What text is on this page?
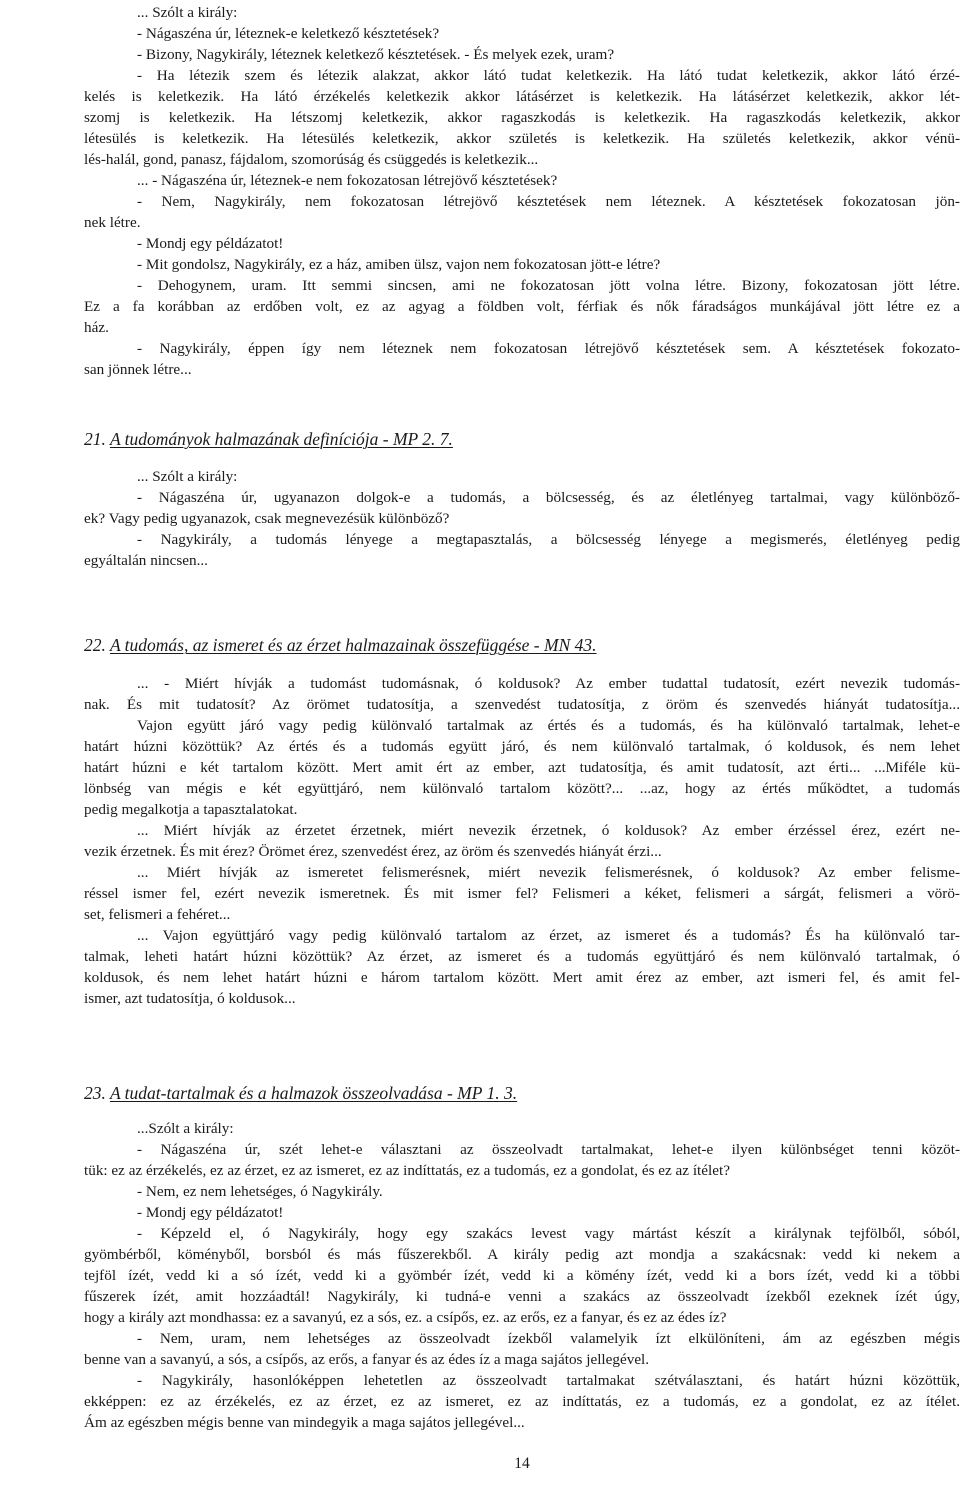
... Szólt a király:
- Nágaszéna úr, léteznek-e keletkező késztetések?
- Bizony, Nagykirály, léteznek keletkező késztetések. - És melyek ezek, uram?
- Ha létezik szem és létezik alakzat, akkor látó tudat keletkezik. Ha látó tudat keletkezik, akkor látó érzé-
kelés is keletkezik. Ha látó érzékelés keletkezik akkor látásérzet is keletkezik. Ha látásérzet keletkezik, akkor lét-
szomj is keletkezik. Ha létszomj keletkezik, akkor ragaszkodás is keletkezik. Ha ragaszkodás keletkezik, akkor
létesülés is keletkezik. Ha létesülés keletkezik, akkor születés is keletkezik. Ha születés keletkezik, akkor vénü-
lés-halál, gond, panasz, fájdalom, szomorúság és csüggedés is keletkezik...
... - Nágaszéna úr, léteznek-e nem fokozatosan létrejövő késztetések?
- Nem, Nagykirály, nem fokozatosan létrejövő késztetések nem léteznek. A késztetések fokozatosan jön-
nek létre.
- Mondj egy példázatot!
- Mit gondolsz, Nagykirály, ez a ház, amiben ülsz, vajon nem fokozatosan jött-e létre?
- Dehogynem, uram. Itt semmi sincsen, ami ne fokozatosan jött volna létre. Bizony, fokozatosan jött létre.
Ez a fa korábban az erdőben volt, ez az agyag a földben volt, férfiak és nők fáradságos munkájával jött létre ez a
ház.
- Nagykirály, éppen így nem léteznek nem fokozatosan létrejövő késztetések sem. A késztetések fokozato-
san jönnek létre...
21. A tudományok halmazának definíciója - MP 2. 7.
... Szólt a király:
- Nágaszéna úr, ugyanazon dolgok-e a tudomás, a bölcsesség, és az életlényeg tartalmai, vagy különböző-
ek? Vagy pedig ugyanazok, csak megnevezésük különböző?
- Nagykirály, a tudomás lényege a megtapasztalás, a bölcsesség lényege a megismerés, életlényeg pedig
egyáltalán nincsen...
22. A tudomás, az ismeret és az érzet halmazainak összefüggése - MN 43.
... - Miért hívják a tudomást tudomásnak, ó koldusok? Az ember tudattal tudatosít, ezért nevezik tudomás-
nak. És mit tudatosít? Az örömet tudatosítja, a szenvedést tudatosítja, z öröm és szenvedés hiányát tudatosítja...
Vajon együtt járó vagy pedig különvaló tartalmak az értés és a tudomás, és ha különvaló tartalmak, lehet-e
határt húzni közöttük? Az értés és a tudomás együtt járó, és nem különvaló tartalmak, ó koldusok, és nem lehet
határt húzni e két tartalom között. Mert amit ért az ember, azt tudatosítja, és amit tudatosít, azt érti... ...Miféle kü-
lönbség van mégis e két együttjáró, nem különvaló tartalom között?... ...az, hogy az értés működtet, a tudomás
pedig megalkotja a tapasztalatokat.
... Miért hívják az érzetet érzetnek, miért nevezik érzetnek, ó koldusok? Az ember érzéssel érez, ezért ne-
vezik érzetnek. És mit érez? Örömet érez, szenvedést érez, az öröm és szenvedés hiányát érzi...
... Miért hívják az ismeretet felismerésnek, miért nevezik felismerésnek, ó koldusok? Az ember felisme-
réssel ismer fel, ezért nevezik ismeretnek. És mit ismer fel? Felismeri a kéket, felismeri a sárgát, felismeri a vörö-
set, felismeri a fehéret...
... Vajon együttjáró vagy pedig különvaló tartalom az érzet, az ismeret és a tudomás? És ha különvaló tar-
talmak, leheti határt húzni közöttük? Az érzet, az ismeret és a tudomás együttjáró és nem különvaló tartalmak, ó
koldusok, és nem lehet határt húzni e három tartalom között. Mert amit érez az ember, azt ismeri fel, és amit fel-
ismer, azt tudatosítja, ó koldusok...
23. A tudat-tartalmak és a halmazok összeolvadása - MP 1. 3.
...Szólt a király:
- Nágaszéna úr, szét lehet-e választani az összeolvadt tartalmakat, lehet-e ilyen különbséget tenni közöt-
tük: ez az érzékelés, ez az érzet, ez az ismeret, ez az indíttatás, ez a tudomás, ez a gondolat, és ez az ítélet?
- Nem, ez nem lehetséges, ó Nagykirály.
- Mondj egy példázatot!
- Képzeld el, ó Nagykirály, hogy egy szakács levest vagy mártást készít a királynak tejfölből, sóból,
gyömbérből, köményből, borsból és más fűszerekből. A király pedig azt mondja a szakácsnak: vedd ki nekem a
tejföl ízét, vedd ki a só ízét, vedd ki a gyömbér ízét, vedd ki a kömény ízét, vedd ki a bors ízét, vedd ki a többi
fűszerek ízét, amit hozzáadtál! Nagykirály, ki tudná-e venni a szakács az összeolvadt ízekből ezeknek ízét úgy,
hogy a király azt mondhassa: ez a savanyú, ez a sós, ez. a csípős, ez. az erős, ez a fanyar, és ez az édes íz?
- Nem, uram, nem lehetséges az összeolvadt ízekből valamelyik ízt elkülöníteni, ám az egészben mégis
benne van a savanyú, a sós, a csípős, az erős, a fanyar és az édes íz a maga sajátos jellegével.
- Nagykirály, hasonlóképpen lehetetlen az összeolvadt tartalmakat szétválasztani, és határt húzni közöttük,
ekképpen: ez az érzékelés, ez az érzet, ez az ismeret, ez az indíttatás, ez a tudomás, ez a gondolat, ez az ítélet.
Ám az egészben mégis benne van mindegyik a maga sajátos jellegével...
14
